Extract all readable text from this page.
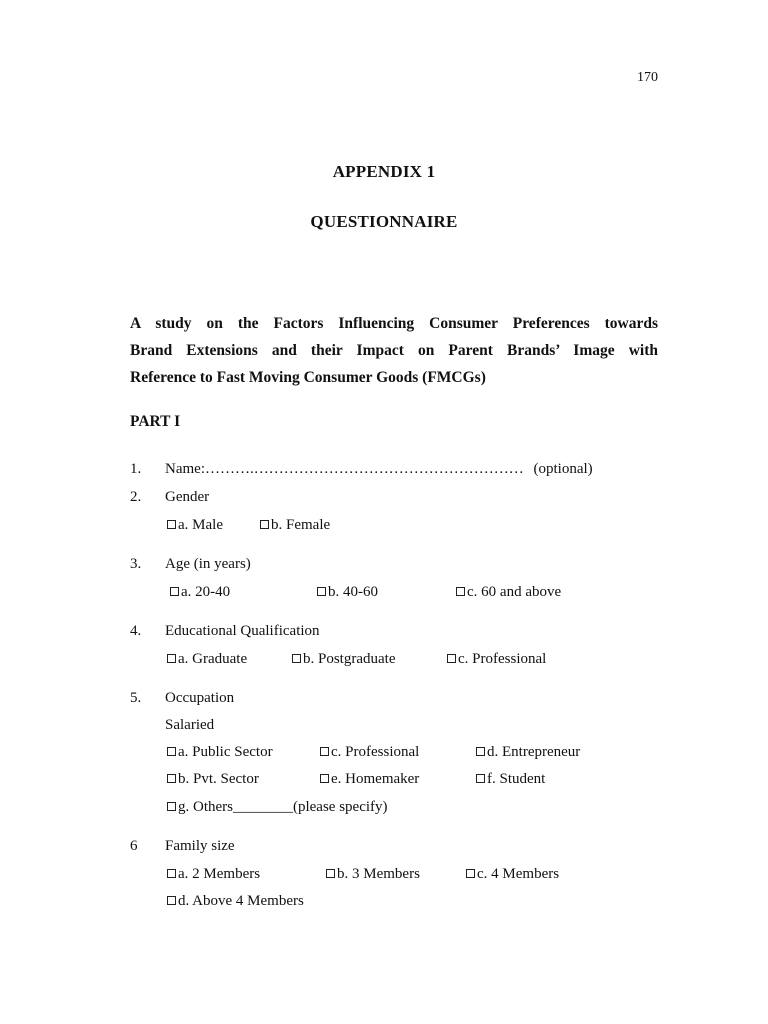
170
APPENDIX 1
QUESTIONNAIRE
A study on the Factors Influencing Consumer Preferences towards
Brand Extensions and their Impact on Parent Brands’ Image with
Reference to Fast Moving Consumer Goods (FMCGs)
PART I
1. Name:……….……………………………………………… (optional)
2. Gender
a. Male	b. Female
3. Age (in years)
a. 20-40	b. 40-60	c. 60 and above
4. Educational Qualification
a. Graduate	b. Postgraduate	c. Professional
5. Occupation
Salaried
a. Public Sector	c. Professional	d. Entrepreneur
b. Pvt. Sector	e. Homemaker	f. Student
g. Others________(please specify)
6 Family size
a. 2 Members	b. 3 Members	c. 4 Members
d. Above 4 Members
